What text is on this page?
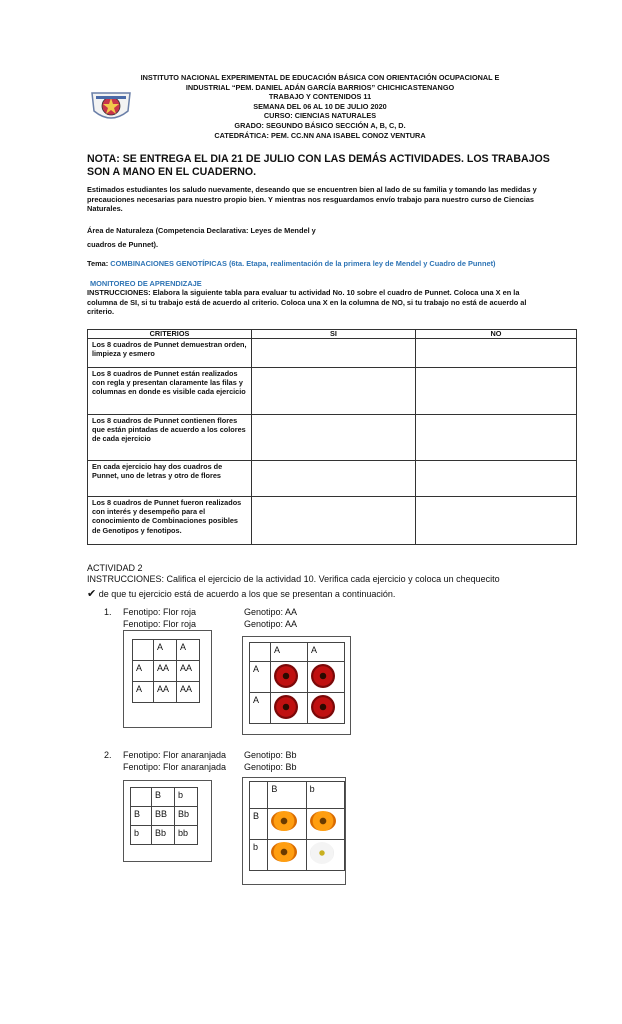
INSTITUTO NACIONAL EXPERIMENTAL DE EDUCACIÓN BÁSICA CON ORIENTACIÓN OCUPACIONAL E
INDUSTRIAL “PEM. DANIEL ADÁN GARCÍA BARRIOS” CHICHICASTENANGO
TRABAJO Y CONTENIDOS 11
SEMANA DEL 06 AL 10 DE JULIO 2020
CURSO: CIENCIAS NATURALES
GRADO: SEGUNDO BÁSICO SECCIÓN A, B, C, D.
CATEDRÁTICA: PEM. CC.NN ANA ISABEL CONOZ VENTURA
NOTA: SE ENTREGA EL DIA 21 DE JULIO CON LAS DEMÁS ACTIVIDADES. LOS TRABAJOS SON A MANO EN EL CUADERNO.
Estimados estudiantes los saludo nuevamente, deseando que se encuentren bien al lado de su familia y tomando las medidas y precauciones necesarias para nuestro propio bien. Y mientras nos resguardamos envío trabajo para nuestro curso de Ciencias Naturales.
Área de Naturaleza (Competencia Declarativa: Leyes de Mendel y
cuadros de Punnet).
Tema: COMBINACIONES GENOTÍPICAS (6ta. Etapa, realimentación de la primera ley de Mendel y Cuadro de Punnet)
MONITOREO DE APRENDIZAJE
INSTRUCCIONES: Elabora la siguiente tabla para evaluar tu actividad No. 10 sobre el cuadro de Punnet. Coloca una X en la columna de SI, si tu trabajo está de acuerdo al criterio. Coloca una X en la columna de NO, si tu trabajo no está de acuerdo al criterio.
CRITERIOS	SI	NO
Los 8 cuadros de Punnet demuestran orden, limpieza y esmero		
Los 8 cuadros de Punnet están realizados con regla y presentan claramente las filas y columnas en donde es visible cada ejercicio		
Los 8 cuadros de Punnet contienen flores que están pintadas de acuerdo a los colores de cada ejercicio		
En cada ejercicio hay dos cuadros de Punnet, uno de letras y otro de flores		
Los 8 cuadros de Punnet fueron realizados con interés y desempeño para el conocimiento de Combinaciones posibles de Genotipos y fenotipos.		
ACTIVIDAD 2
INSTRUCCIONES: Califica el ejercicio de la actividad 10. Verifica cada ejercicio y coloca un chequecito
✔ de que tu ejercicio está de acuerdo a los que se presentan a continuación.
1. Fenotipo: Flor roja	Genotipo: AA
Fenotipo: Flor roja	Genotipo: AA
	A	A
A	AA	AA
A	AA	AA
	A	A
A	

A	

2. Fenotipo: Flor anaranjada Genotipo: Bb
Fenotipo: Flor anaranjada Genotipo: Bb
	B	b
B	BB	Bb
b	Bb	bb
	B	b
B	

b	
